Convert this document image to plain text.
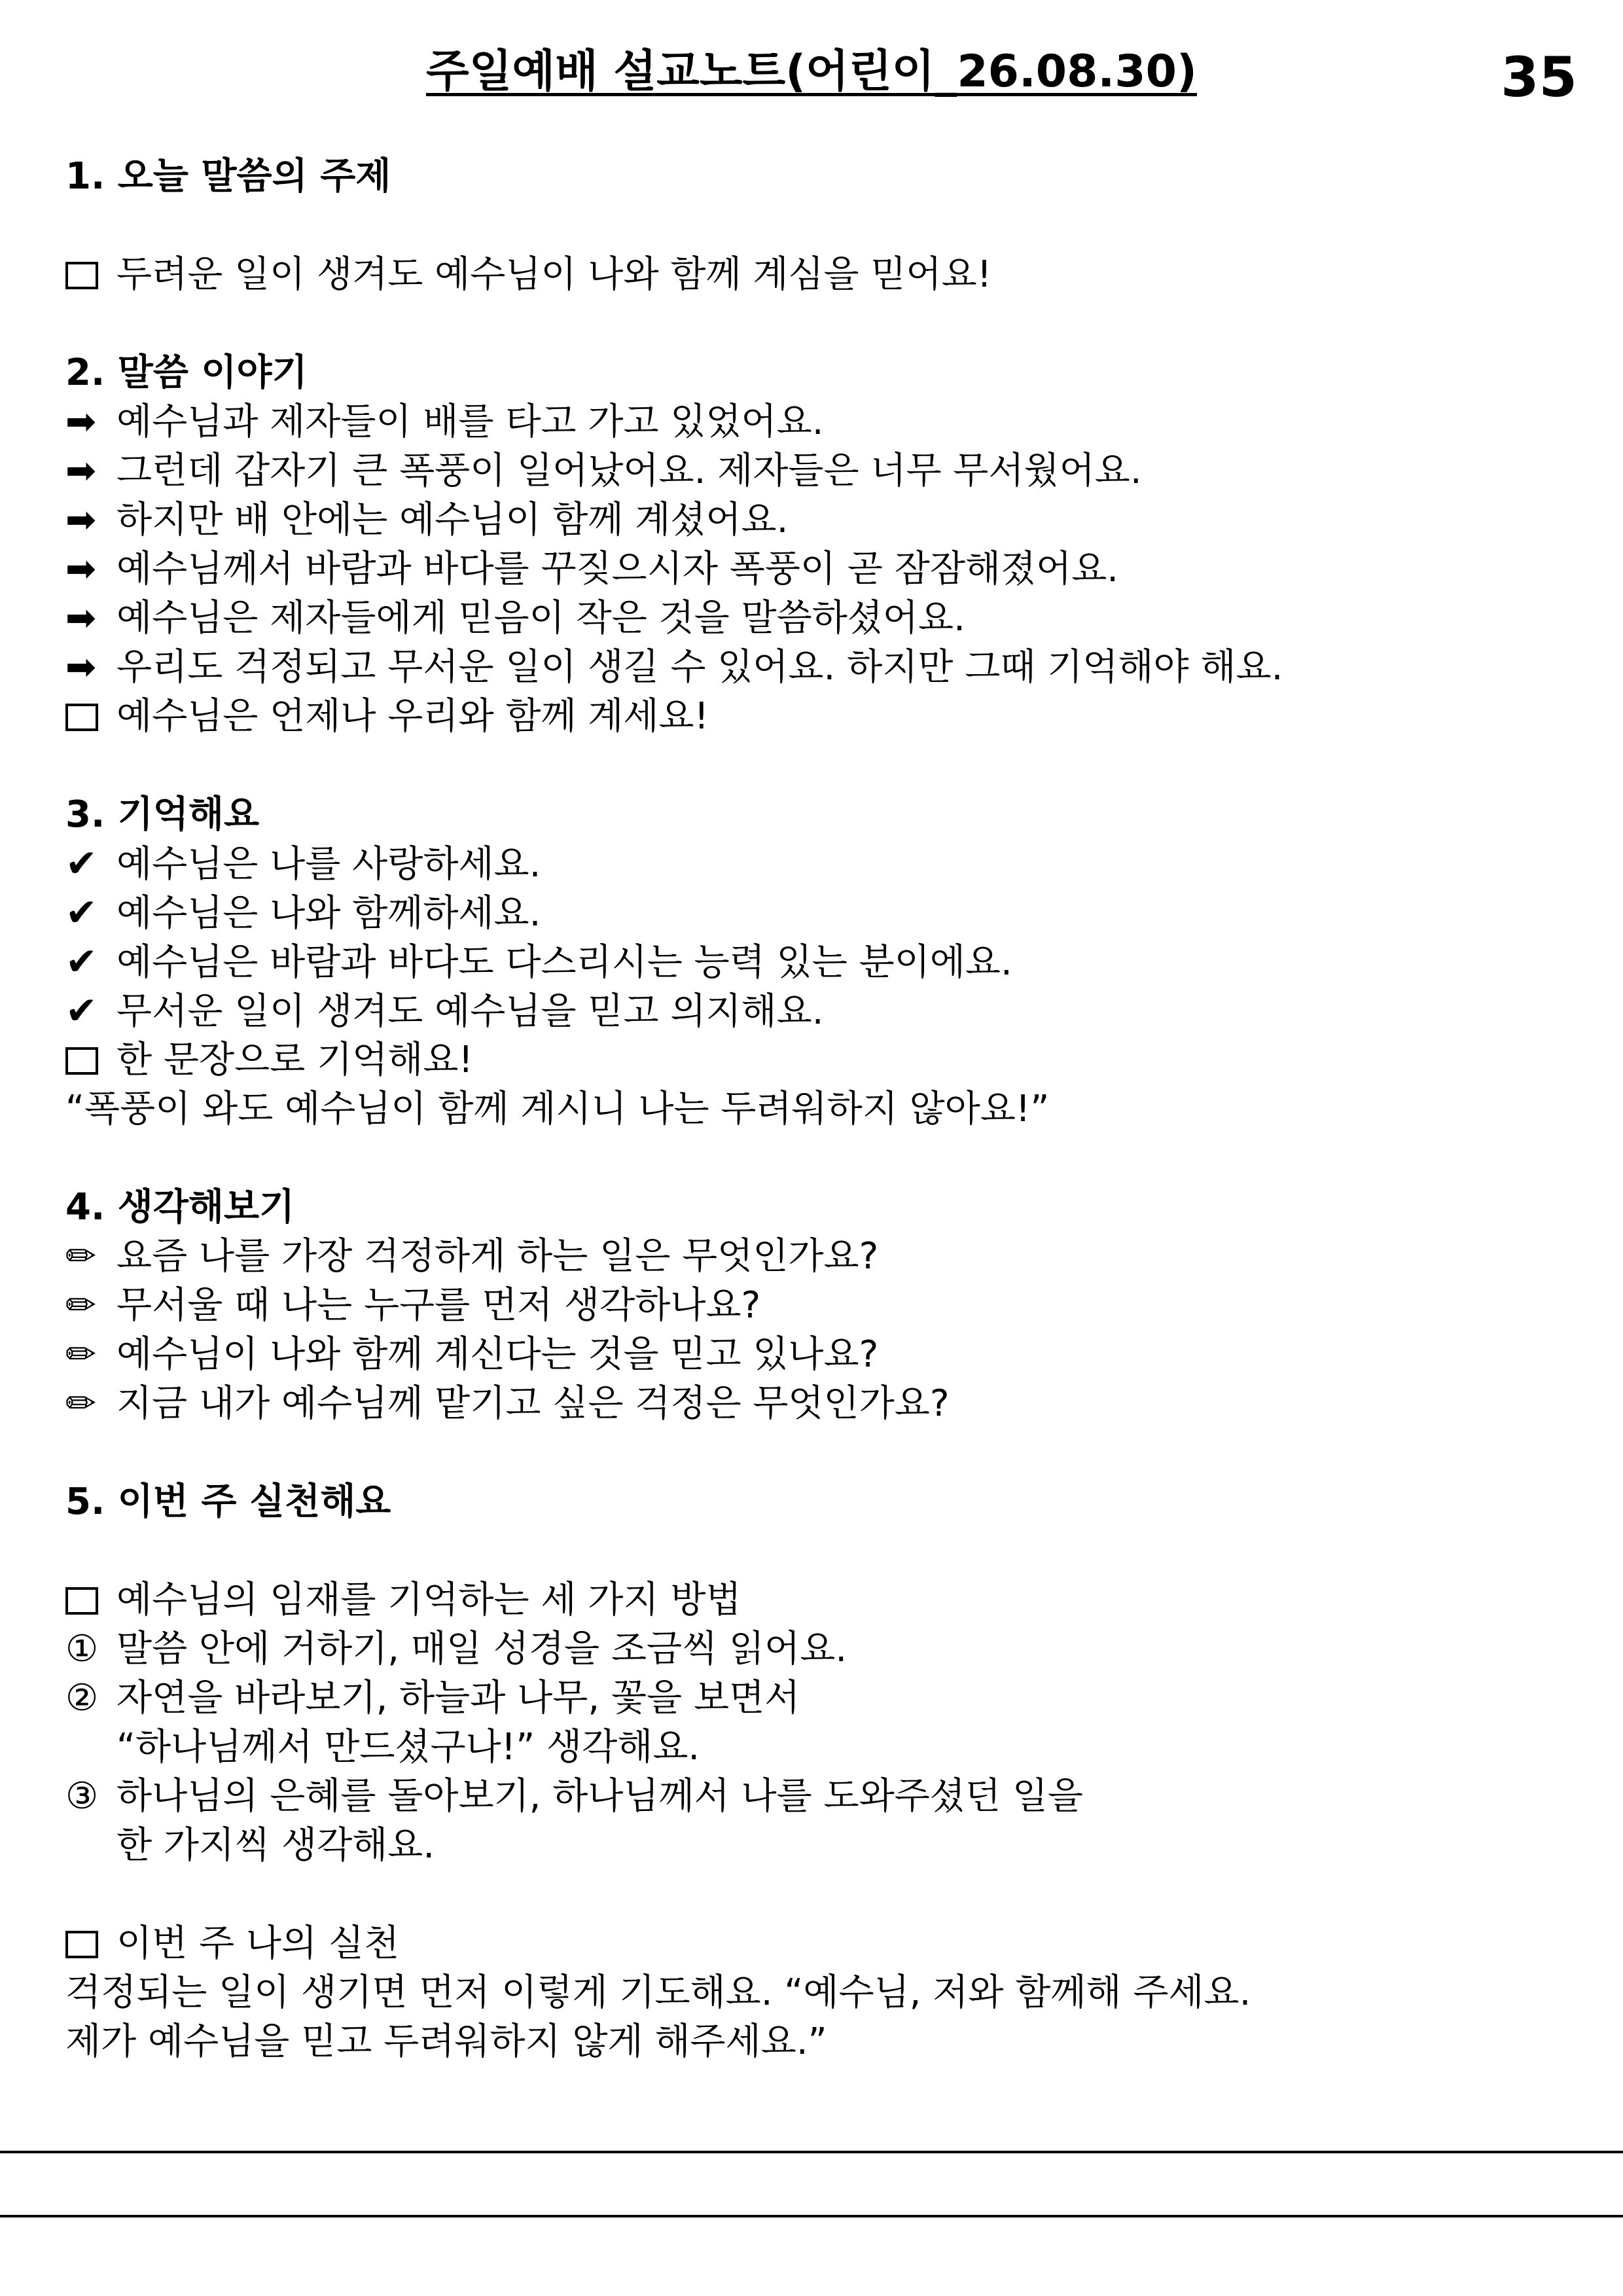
주일예배 설교노트(어린이_26.08.30)	35
1. 오늘 말씀의 주제
두려운 일이 생겨도 예수님이 나와 함께 계심을 믿어요!
2. 말씀 이야기
➡ 예수님과 제자들이 배를 타고 가고 있었어요.
➡ 그런데 갑자기 큰 폭풍이 일어났어요. 제자들은 너무 무서웠어요.
➡ 하지만 배 안에는 예수님이 함께 계셨어요.
➡ 예수님께서 바람과 바다를 꾸짖으시자 폭풍이 곧 잠잠해졌어요.
➡ 예수님은 제자들에게 믿음이 작은 것을 말씀하셨어요.
➡ 우리도 걱정되고 무서운 일이 생길 수 있어요. 하지만 그때 기억해야 해요.
예수님은 언제나 우리와 함께 계세요!
3. 기억해요
✔ 예수님은 나를 사랑하세요.
✔ 예수님은 나와 함께하세요.
✔ 예수님은 바람과 바다도 다스리시는 능력 있는 분이에요.
✔ 무서운 일이 생겨도 예수님을 믿고 의지해요.
한 문장으로 기억해요!
“폭풍이 와도 예수님이 함께 계시니 나는 두려워하지 않아요!”
4. 생각해보기
✏ 요즘 나를 가장 걱정하게 하는 일은 무엇인가요?
✏ 무서울 때 나는 누구를 먼저 생각하나요?
✏ 예수님이 나와 함께 계신다는 것을 믿고 있나요?
✏ 지금 내가 예수님께 맡기고 싶은 걱정은 무엇인가요?
5. 이번 주 실천해요
예수님의 임재를 기억하는 세 가지 방법
① 말씀 안에 거하기, 매일 성경을 조금씩 읽어요.
② 자연을 바라보기, 하늘과 나무, 꽃을 보면서
“하나님께서 만드셨구나!” 생각해요.
③ 하나님의 은혜를 돌아보기, 하나님께서 나를 도와주셨던 일을
한 가지씩 생각해요.
이번 주 나의 실천
걱정되는 일이 생기면 먼저 이렇게 기도해요. “예수님, 저와 함께해 주세요.
제가 예수님을 믿고 두려워하지 않게 해주세요.”
